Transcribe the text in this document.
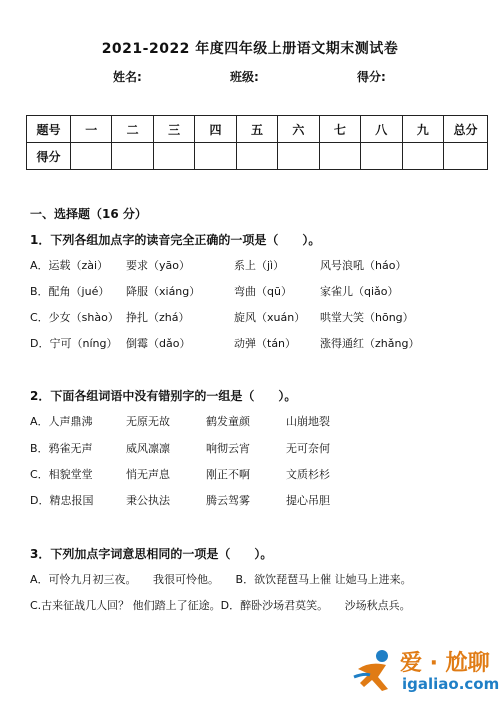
2021-2022 年度四年级上册语文期末测试卷
姓名:	班级:	得分:
题号	一	二	三	四	五	六	七	八	九	总分
得分										
一、选择题（16 分）
1．下列各组加点字的读音完全正确的一项是（　　）。
A．运载（zài） 要求（yāo）	系上（jì）	风号浪吼（háo）
B．配角（jué） 降服（xiáng）	弯曲（qū）	家雀儿（qiǎo）
C．少女（shào） 挣扎（zhá）	旋风（xuán） 哄堂大笑（hōng）
D．宁可（níng） 倒霉（dǎo）	动弹（tán） 涨得通红（zhǎng）
2．下面各组词语中没有错别字的一组是（　　）。
A．人声鼎沸	无原无故	鹤发童颜	山崩地裂
B．鸦雀无声	威风凛凛	响彻云宵	无可奈何
C．相貌堂堂	悄无声息	刚正不啊	文质杉杉
D．精忠报国	秉公执法	腾云驾雾	提心吊胆
3．下列加点字词意思相同的一项是（　　）。
A．可怜九月初三夜。　　我很可怜他。　　B．欲饮琵琶马上催 让她马上进来。
C.古来征战几人回？ 他们踏上了征途。D．醉卧沙场君莫笑。　　沙场秋点兵。
爱 · 尬聊
igaliao.com
